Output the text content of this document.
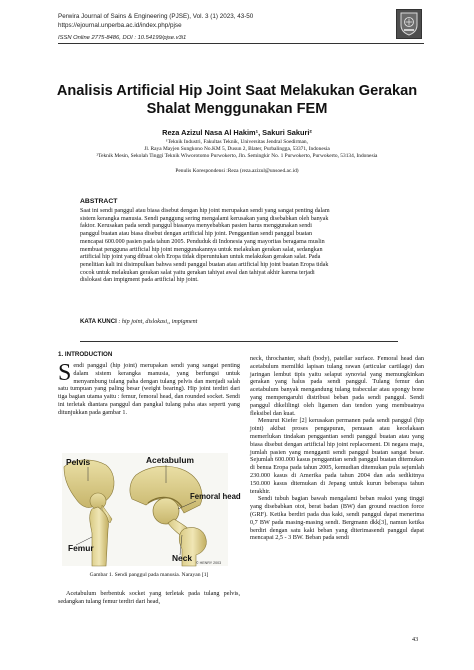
Perwira Journal of Sains & Engineering (PJSE), Vol. 3 (1) 2023, 43-50
https://ejournal.unperba.ac.id/index.php/pjse
ISSN Online 2775-8486, DOI : 10.54199/pjse.v3i1
Analisis Artificial Hip Joint Saat Melakukan Gerakan
Shalat Menggunakan FEM
Reza Azizul Nasa Al Hakim¹, Sakuri Sakuri²
¹Teknik Industri, Fakultas Teknik, Universitas Jendral Soedirman,
Jl. Raya Mayjen Sungkono No.KM 5, Dusun 2, Blater, Purbalingga, 53371, Indonesia
²Teknik Mesin, Sekolah Tinggi Teknik Wiworotomo Purwokerto, Jln. Semingkir No. 1 Purwokerto, Purwokerto, 53134, Indonesia
Penulis Korespondensi :Reza (reza.azizul@unsoed.ac.id)
ABSTRACT
Saat ini sendi panggul atau biasa disebut dengan hip joint merupakan sendi yang sangat penting dalam
sistem kerangka manusia. Sendi panggung sering mengalami kerusakan yang disebabkan oleh banyak
faktor. Kerusakan pada sendi panggul biasanya menyebabkan pasien harus menggunakan sendi
panggul buatan atau biasa disebut dengan artificial hip joint. Penggantian sendi panggul buatan
mencapai 600.000 pasien pada tahun 2005. Penduduk di Indonesia yang mayoritas beragama muslin
membuat pengguna artificial hip joint menggunakannya untuk melakukan gerakan salat, sedangkan
artificial hip joint yang dibuat oleh Eropa tidak diperuntukan untuk melakukan gerakan salat. Pada
penelitian kali ini disimpulkan bahwa sendi panggul buatan atau artificial hip joint buatan Eropa tidak
cocok untuk melakukan gerakan salat yaitu gerakan tahiyat awal dan tahiyat akhir karena terjadi
dislokasi dan impigment pada artificial hip joint.
KATA KUNCI : hip joint, dislokasi,, impigment
1. INTRODUCTION

Sendi panggul (hip joint) merupakan sendi yang sangat penting dalam sistem kerangka manusia, yang berfungsi untuk menyambung tulang paha dengan tulang pelvis dan menjadi salah satu tumpuan yang paling besar (weight bearing). Hip joint terdiri dari tiga bagian utama yaitu : femur, femoral head, dan rounded socket. Sendi ini terletak diantara panggul dan pangkal tulang paha atas seperti yang ditunjukkan pada gambar 1.

Pelvis	Acetabulum
Femoral head
Femur
Neck © HENRY 2003
Gambar 1. Sendi panggul pada manusia. Narayan [1]

Acetabulum berbentuk socket yang terletak pada tulang pelvis, sedangkan tulang femur terdiri dari head,

neck, throchanter, shaft (body), patellar surface. Femoral head dan acetabulum memiliki lapisan tulang rawan (articular cartilage) dan jaringan lembut tipis yaitu selaput synovial yang memungkinkan gerakan yang halus pada sendi panggul. Tulang femur dan acetabulum banyak mengandung tulang trabecular atau spongy bone yang mempengaruhi distribusi beban pada sendi panggul. Sendi panggul dikelilingi oleh ligamen dan tendon yang membuatnya fleksibel dan kuat.

Menurut Kiefer [2] kerusakan permanen pada sendi panggul (hip joint) akibat proses pengapuran, penuaan atau kecelakaan memerlukan tindakan penggantian sendi panggul buatan atau yang biasa disebut dengan artificial hip joint replacement. Di negara maju, jumlah pasien yang mengganti sendi panggul buatan sangat besar. Sejumlah 600.000 kasus penggantian sendi panggul buatan ditemukan di benua Eropa pada tahun 2005, kemudian ditemukan pula sejumlah 230.000 kasus di Amerika pada tahun 2004 dan ada sedikitnya 150.000 kasus ditemukan di Jepang untuk kurun beberapa tahun terakhir.

Sendi tubuh bagian bawah mengalami beban reaksi yang tinggi yang disebabkan otot, berat badan (BW) dan ground reaction force (GRF). Ketika berdiri pada dua kaki, sendi panggul dapat menerima 0,7 BW pada masing-masing sendi. Bergmann dkk[3], namun ketika berdiri dengan satu kaki beban yang diterimasendi panggul dapat mencapai 2,5 - 3 BW. Beban pada sendi

43
